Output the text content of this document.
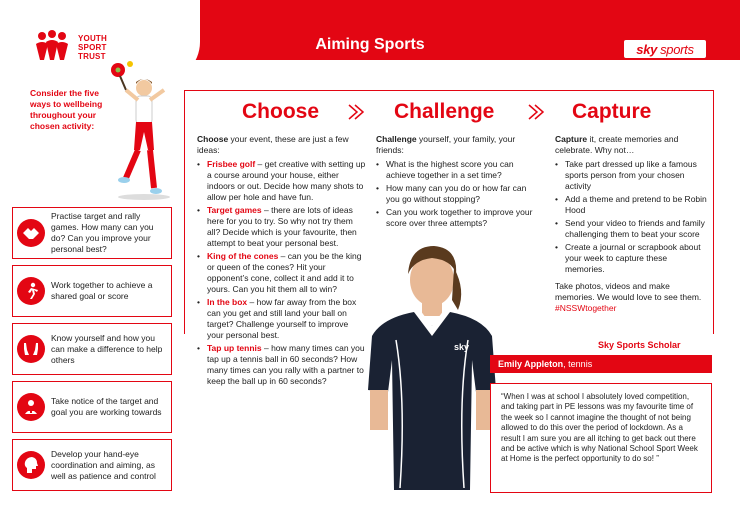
YOUTH
SPORT
TRUST
Aiming Sports	sky sports
Consider the five ways to wellbeing throughout your chosen activity:
Practise target and rally games. How many can you do? Can you improve your personal best?
Work together to achieve a shared goal or score
Know yourself and how you can make a difference to help others
Take notice of the target and goal you are working towards
Develop your hand-eye coordination and aiming, as well as patience and control
Choose	Challenge	Capture

Choose your event, these are just a few ideas:

• Frisbee golf – get creative with setting up a course around your house, either indoors or out. Decide how many shots to allow per hole and have fun.
• Target games – there are lots of ideas here for you to try. So why not try them all? Decide which is your favourite, then attempt to beat your personal best.
• King of the cones – can you be the king or queen of the cones? Hit your opponent’s cone, collect it and add it to yours. Can you hit them all to win?
• In the box – how far away from the box can you get and still land your ball on target? Challenge yourself to improve your personal best.
• Tap up tennis – how many times can you tap up a tennis ball in 60 seconds? How many times can you rally with a partner to keep the ball up in 60 seconds?

Challenge yourself, your family, your friends:

• What is the highest score you can achieve together in a set time?
• How many can you do or how far can you go without stopping?
• Can you work together to improve your score over three attempts?

Capture it, create memories and celebrate. Why not…

• Take part dressed up like a famous sports person from your chosen activity
• Add a theme and pretend to be Robin Hood
• Send your video to friends and family challenging them to beat your score
• Create a journal or scrapbook about your week to capture these memories.

Take photos, videos and make memories. We would love to see them. #NSSWtogether

sky	Sky Sports Scholar
Emily Appleton, tennis
“When I was at school I absolutely loved competition, and taking part in PE lessons was my favourite time of the week so I cannot imagine the thought of not being allowed to do this over the period of lockdown. As a result I am sure you are all itching to get back out there and be active which is why National School Sport Week at Home is the perfect opportunity to do so! ”
